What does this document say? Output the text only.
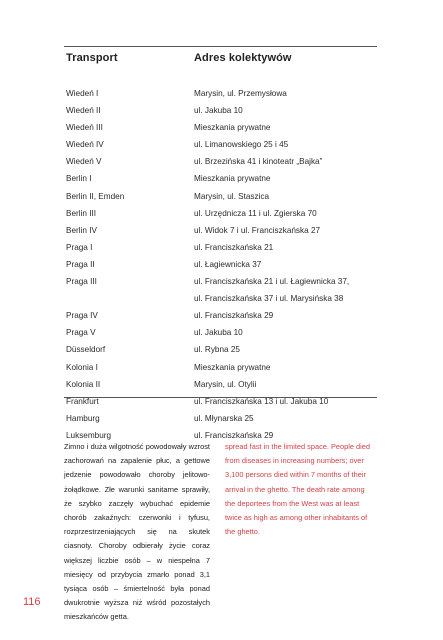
Transport	Adres kolektywów
Wiedeń I	Marysin, ul. Przemysłowa
Wiedeń II	ul. Jakuba 10
Wiedeń III	Mieszkania prywatne
Wiedeń IV	ul. Limanowskiego 25 i 45
Wiedeń V	ul. Brzezińska 41 i kinoteatr „Bajka”
Berlin I	Mieszkania prywatne
Berlin II, Emden	Marysin, ul. Staszica
Berlin III	ul. Urzędnicza 11 i ul. Zgierska 70
Berlin IV	ul. Widok 7 i ul. Franciszkańska 27
Praga I	ul. Franciszkańska 21
Praga II	ul. Łagiewnicka 37
Praga III	ul. Franciszkańska 21 i ul. Łagiewnicka 37,
ul. Franciszkańska 37 i ul. Marysińska 38
Praga IV	ul. Franciszkańska 29
Praga V	ul. Jakuba 10
Düsseldorf	ul. Rybna 25
Kolonia I	Mieszkania prywatne
Kolonia II	Marysin, ul. Otylii
Frankfurt	ul. Franciszkańska 13 i ul. Jakuba 10
Hamburg	ul. Młynarska 25
Luksemburg	ul. Franciszkańska 29
Zimno i duża wilgotność powodowały wzrost zachorowań na zapalenie płuc, a gettowe jedzenie powodowało choroby jelitowo-żołądkowe. Złe warunki sanitarne sprawiły, że szybko zaczęły wybuchać epidemie chorób zakaźnych: czerwonki i tyfusu, rozprzestrzeniających się na skutek ciasnoty. Choroby odbierały życie coraz większej liczbie osób – w niespełna 7 miesięcy od przybycia zmarło ponad 3,1 tysiąca osób – śmiertelność była ponad dwukrotnie wyższa niż wśród pozostałych mieszkańców getta.
spread fast in the limited space. People died from diseases in increasing numbers; over 3,100 persons died within 7 months of their arrival in the ghetto. The death rate among the deportees from the West was at least twice as high as among other inhabitants of the ghetto.
116
